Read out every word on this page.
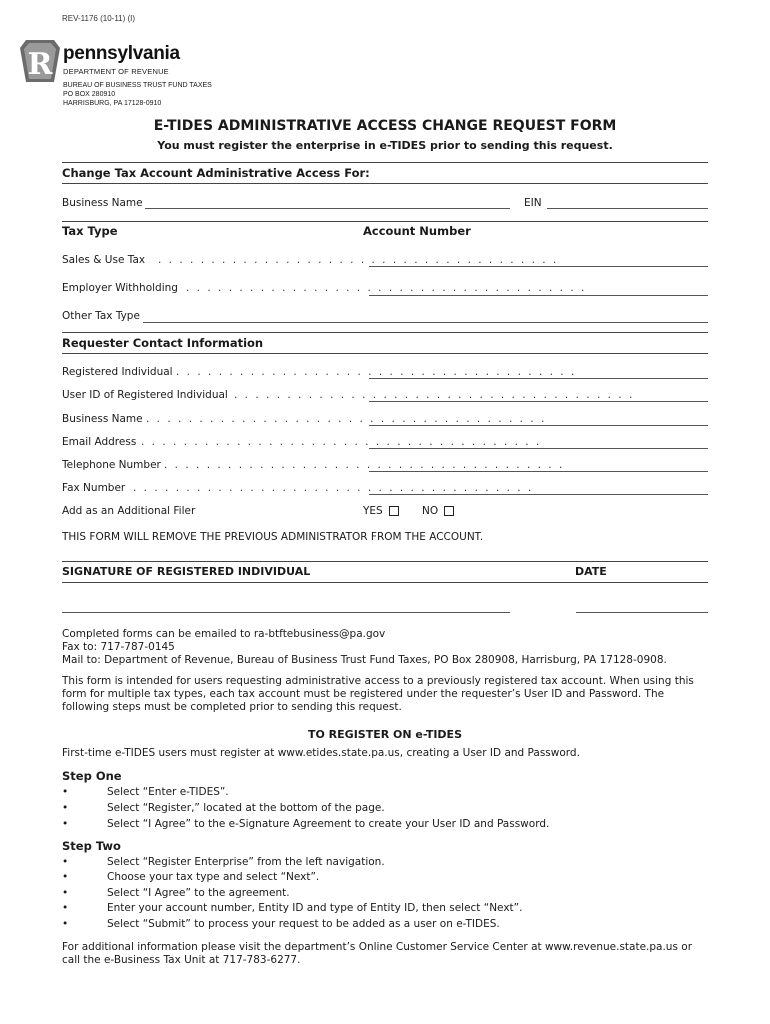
REV-1176 (10-11) (I)
R pennsylvania
DEPARTMENT OF REVENUE
BUREAU OF BUSINESS TRUST FUND TAXES
PO BOX 280910
HARRISBURG, PA 17128-0910
E-TIDES ADMINISTRATIVE ACCESS CHANGE REQUEST FORM
You must register the enterprise in e-TIDES prior to sending this request.
Change Tax Account Administrative Access For:
Business Name	EIN
Tax Type	Account Number
Sales & Use Tax . . . . . . . . . . . . . . . . . . . . . . . . . . . . . . . . . . . . . .
Employer Withholding . . . . . . . . . . . . . . . . . . . . . . . . . . . . . . . . . . . . . .
Other Tax Type
Requester Contact Information
Registered Individual . . . . . . . . . . . . . . . . . . . . . . . . . . . . . . . . . . . . . .
User ID of Registered Individual . . . . . . . . . . . . . . . . . . . . . . . . . . . . . . . . . . . . . .
Business Name . . . . . . . . . . . . . . . . . . . . . . . . . . . . . . . . . . . . . .
Email Address . . . . . . . . . . . . . . . . . . . . . . . . . . . . . . . . . . . . . .
Telephone Number . . . . . . . . . . . . . . . . . . . . . . . . . . . . . . . . . . . . . .
Fax Number . . . . . . . . . . . . . . . . . . . . . . . . . . . . . . . . . . . . . .
Add as an Additional Filer	YES	NO
THIS FORM WILL REMOVE THE PREVIOUS ADMINISTRATOR FROM THE ACCOUNT.
SIGNATURE OF REGISTERED INDIVIDUAL	DATE
Completed forms can be emailed to ra-btftebusiness@pa.gov
Fax to: 717-787-0145
Mail to: Department of Revenue, Bureau of Business Trust Fund Taxes, PO Box 280908, Harrisburg, PA 17128-0908.
This form is intended for users requesting administrative access to a previously registered tax account. When using this form for multiple tax types, each tax account must be registered under the requester’s User ID and Password. The following steps must be completed prior to sending this request.
TO REGISTER ON e-TIDES
First-time e-TIDES users must register at www.etides.state.pa.us, creating a User ID and Password.
Step One
•	Select “Enter e-TIDES”.
•	Select “Register,” located at the bottom of the page.
•	Select “I Agree” to the e-Signature Agreement to create your User ID and Password.
Step Two
•	Select “Register Enterprise” from the left navigation.
•	Choose your tax type and select “Next”.
•	Select “I Agree” to the agreement.
•	Enter your account number, Entity ID and type of Entity ID, then select “Next”.
•	Select “Submit” to process your request to be added as a user on e-TIDES.
For additional information please visit the department’s Online Customer Service Center at www.revenue.state.pa.us or call the e-Business Tax Unit at 717-783-6277.
